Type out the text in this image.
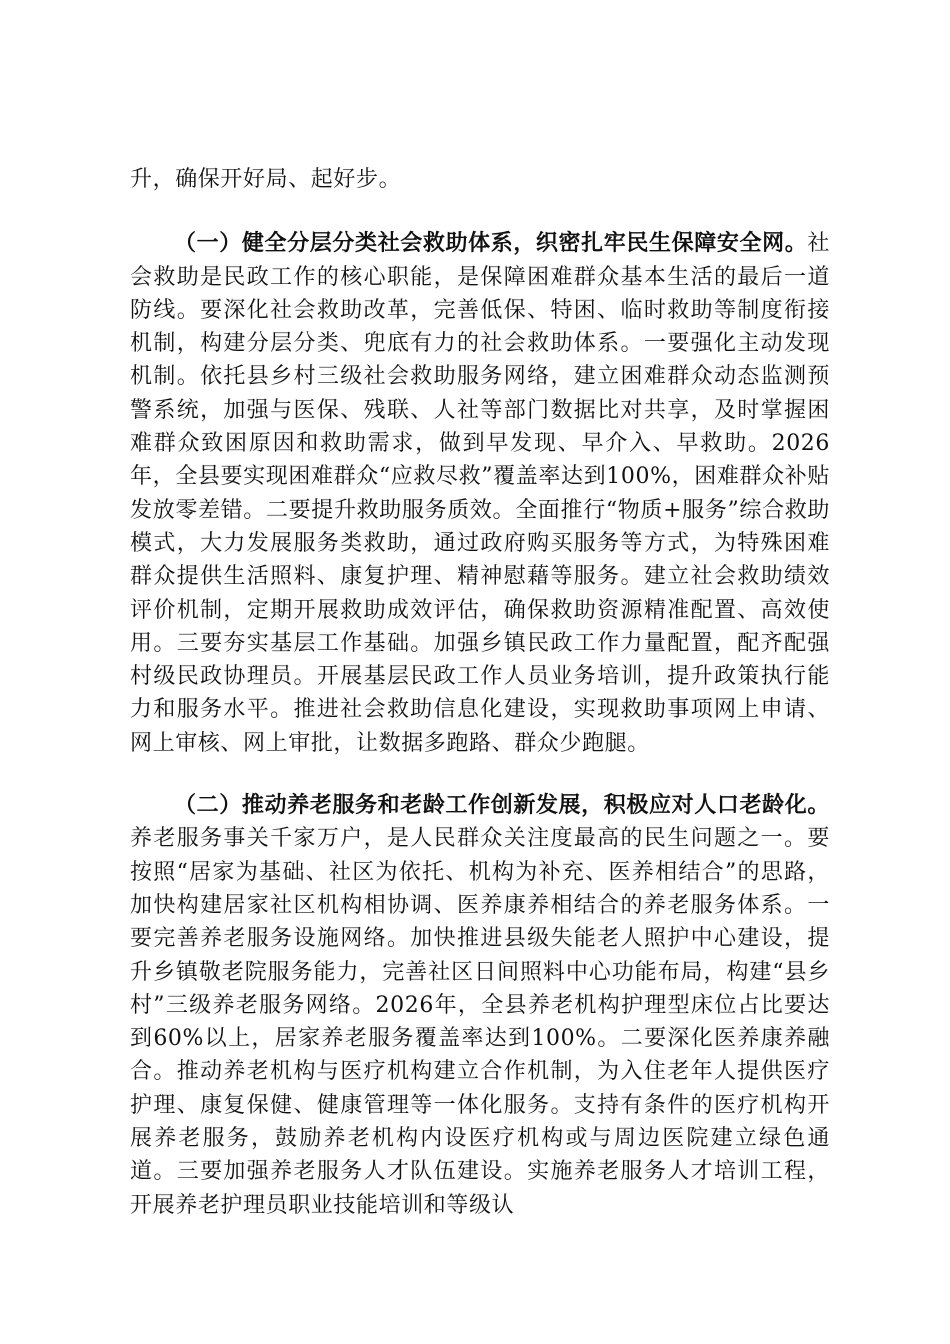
升，确保开好局、起好步。

（一）健全分层分类社会救助体系，织密扎牢民生保障安全网。社会救助是民政工作的核心职能，是保障困难群众基本生活的最后一道防线。要深化社会救助改革，完善低保、特困、临时救助等制度衔接机制，构建分层分类、兜底有力的社会救助体系。一要强化主动发现机制。依托县乡村三级社会救助服务网络，建立困难群众动态监测预警系统，加强与医保、残联、人社等部门数据比对共享，及时掌握困难群众致困原因和救助需求，做到早发现、早介入、早救助。2026年，全县要实现困难群众“应救尽救”覆盖率达到100%，困难群众补贴发放零差错。二要提升救助服务质效。全面推行“物质+服务”综合救助模式，大力发展服务类救助，通过政府购买服务等方式，为特殊困难群众提供生活照料、康复护理、精神慰藉等服务。建立社会救助绩效评价机制，定期开展救助成效评估，确保救助资源精准配置、高效使用。三要夯实基层工作基础。加强乡镇民政工作力量配置，配齐配强村级民政协理员。开展基层民政工作人员业务培训，提升政策执行能力和服务水平。推进社会救助信息化建设，实现救助事项网上申请、网上审核、网上审批，让数据多跑路、群众少跑腿。

（二）推动养老服务和老龄工作创新发展，积极应对人口老龄化。养老服务事关千家万户，是人民群众关注度最高的民生问题之一。要按照“居家为基础、社区为依托、机构为补充、医养相结合”的思路，加快构建居家社区机构相协调、医养康养相结合的养老服务体系。一要完善养老服务设施网络。加快推进县级失能老人照护中心建设，提升乡镇敬老院服务能力，完善社区日间照料中心功能布局，构建“县乡村”三级养老服务网络。2026年，全县养老机构护理型床位占比要达到60%以上，居家养老服务覆盖率达到100%。二要深化医养康养融合。推动养老机构与医疗机构建立合作机制，为入住老年人提供医疗护理、康复保健、健康管理等一体化服务。支持有条件的医疗机构开展养老服务，鼓励养老机构内设医疗机构或与周边医院建立绿色通道。三要加强养老服务人才队伍建设。实施养老服务人才培训工程，开展养老护理员职业技能培训和等级认
